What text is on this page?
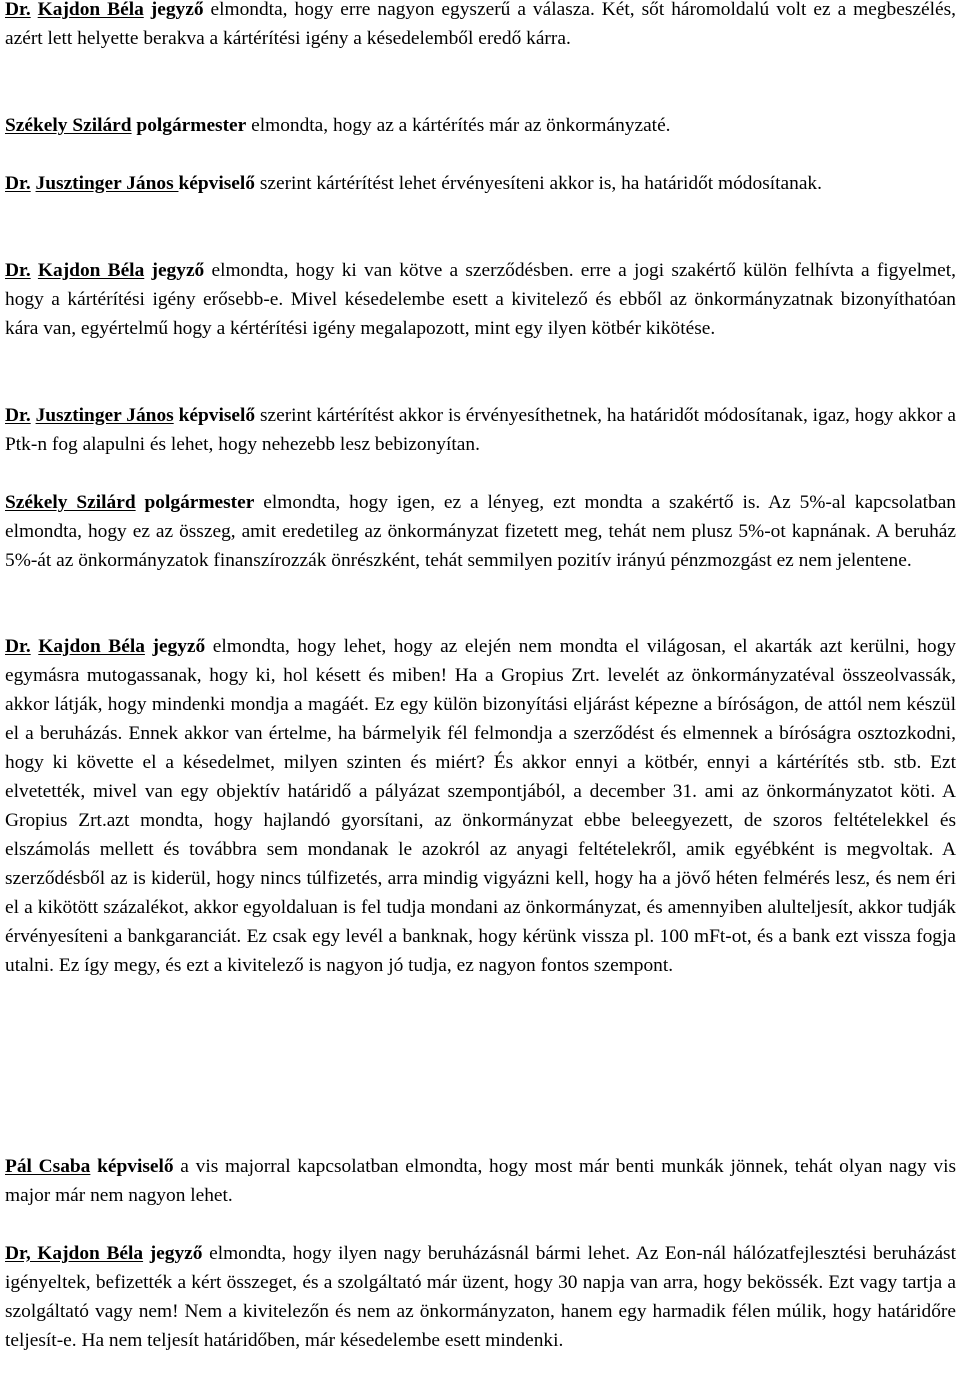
Dr. Kajdon Béla jegyző elmondta, hogy erre nagyon egyszerű a válasza. Két, sőt háromoldalú volt ez a megbeszélés, azért lett helyette berakva a kártérítési igény a késedelemből eredő kárra.

Székely Szilárd polgármester elmondta, hogy az a kártérítés már az önkormányzaté.

Dr. Jusztinger János képviselő szerint kártérítést lehet érvényesíteni akkor is, ha határidőt módosítanak.

Dr. Kajdon Béla jegyző elmondta, hogy ki van kötve a szerződésben. erre a jogi szakértő külön felhívta a figyelmet, hogy a kártérítési igény erősebb-e. Mivel késedelembe esett a kivitelező és ebből az önkormányzatnak bizonyíthatóan kára van, egyértelmű hogy a kértérítési igény megalapozott, mint egy ilyen kötbér kikötése.

Dr. Jusztinger János képviselő szerint kártérítést akkor is érvényesíthetnek, ha határidőt módosítanak, igaz, hogy akkor a Ptk-n fog alapulni és lehet, hogy nehezebb lesz bebizonyítan.

Székely Szilárd polgármester elmondta, hogy igen, ez a lényeg, ezt mondta a szakértő is. Az 5%-al kapcsolatban elmondta, hogy ez az összeg, amit eredetileg az önkormányzat fizetett meg, tehát nem plusz 5%-ot kapnának. A beruház 5%-át az önkormányzatok finanszírozzák önrészként, tehát semmilyen pozitív irányú pénzmozgást ez nem jelentene.

Dr. Kajdon Béla jegyző elmondta, hogy lehet, hogy az elején nem mondta el világosan, el akarták azt kerülni, hogy egymásra mutogassanak, hogy ki, hol késett és miben! Ha a Gropius Zrt. levelét az önkormányzatéval összeolvassák, akkor látják, hogy mindenki mondja a magáét. Ez egy külön bizonyítási eljárást képezne a bíróságon, de attól nem készül el a beruházás. Ennek akkor van értelme, ha bármelyik fél felmondja a szerződést és elmennek a bíróságra osztozkodni, hogy ki követte el a késedelmet, milyen szinten és miért? És akkor ennyi a kötbér, ennyi a kártérítés stb. stb. Ezt elvetették, mivel van egy objektív határidő a pályázat szempontjából, a december 31. ami az önkormányzatot köti. A Gropius Zrt.azt mondta, hogy hajlandó gyorsítani, az önkormányzat ebbe beleegyezett, de szoros feltételekkel és elszámolás mellett és továbbra sem mondanak le azokról az anyagi feltételekről, amik egyébként is megvoltak. A szerződésből az is kiderül, hogy nincs túlfizetés, arra mindig vigyázni kell, hogy ha a jövő héten felmérés lesz, és nem éri el a kikötött százalékot, akkor egyoldaluan is fel tudja mondani az önkormányzat, és amennyiben alulteljesít, akkor tudják érvényesíteni a bankgaranciát. Ez csak egy levél a banknak, hogy kérünk vissza pl. 100 mFt-ot, és a bank ezt vissza fogja utalni. Ez így megy, és ezt a kivitelező is nagyon jó tudja, ez nagyon fontos szempont.

Pál Csaba képviselő a vis majorral kapcsolatban elmondta, hogy most már benti munkák jönnek, tehát olyan nagy vis major már nem nagyon lehet.

Dr, Kajdon Béla jegyző elmondta, hogy ilyen nagy beruházásnál bármi lehet. Az Eon-nál hálózatfejlesztési beruházást igényeltek, befizették a kért összeget, és a szolgáltató már üzent, hogy 30 napja van arra, hogy bekössék. Ezt vagy tartja a szolgáltató vagy nem! Nem a kivitelezőn és nem az önkormányzaton, hanem egy harmadik félen múlik, hogy határidőre teljesít-e. Ha nem teljesít határidőben, már késedelembe esett mindenki.
